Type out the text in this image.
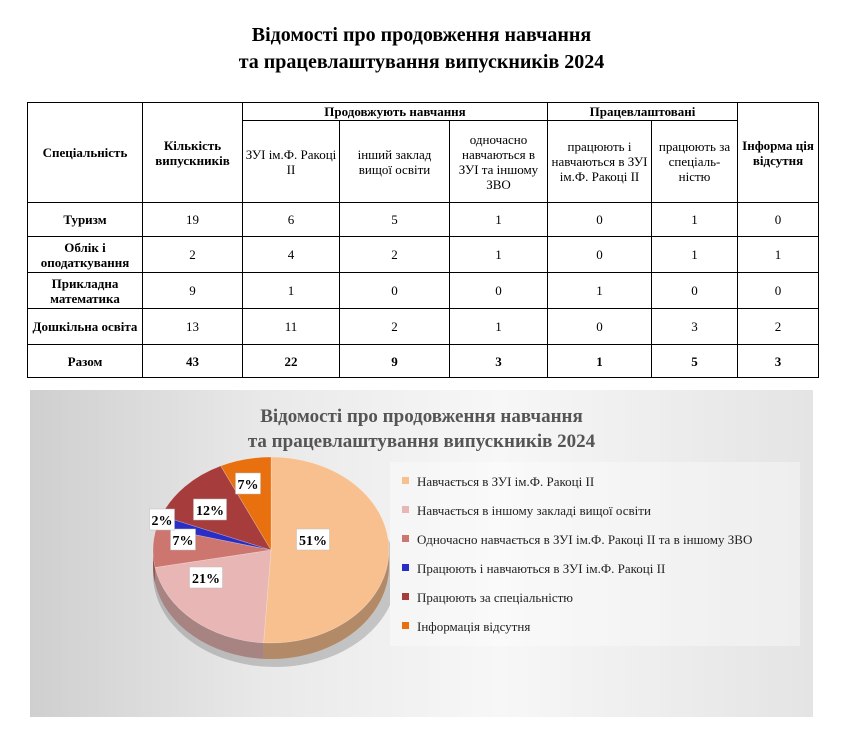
Відомості про продовження навчання
та працевлаштування випускників 2024
Спеціальність	Кількість випускників	Продовжують навчання			Працевлаштовані		Інформа ція відсутня
		ЗУІ ім.Ф. Ракоці ІІ	інший заклад вищої освіти	одночасно навчаються в ЗУІ та іншому ЗВО	працюють і навчаються в ЗУІ ім.Ф. Ракоці ІІ	працюють за спеціаль-ністю	
Туризм	19	6	5	1	0	1	0
Облік і оподаткування	2	4	2	1	0	1	1
Прикладна математика	9	1	0	0	1	0	0
Дошкільна освіта	13	11	2	1	0	3	2
Разом	43	22	9	3	1	5	3
Відомості про продовження навчання
та працевлаштування випускників 2024
51%
21%
7%
2%
12%
7%	Навчається в ЗУІ ім.Ф. Ракоці ІІ
Навчається в іншому закладі вищої освіти
Одночасно навчається в ЗУІ ім.Ф. Ракоці ІІ та в іншому ЗВО
Працюють і навчаються в ЗУІ ім.Ф. Ракоці ІІ
Працюють за спеціальністю
Інформація відсутня
